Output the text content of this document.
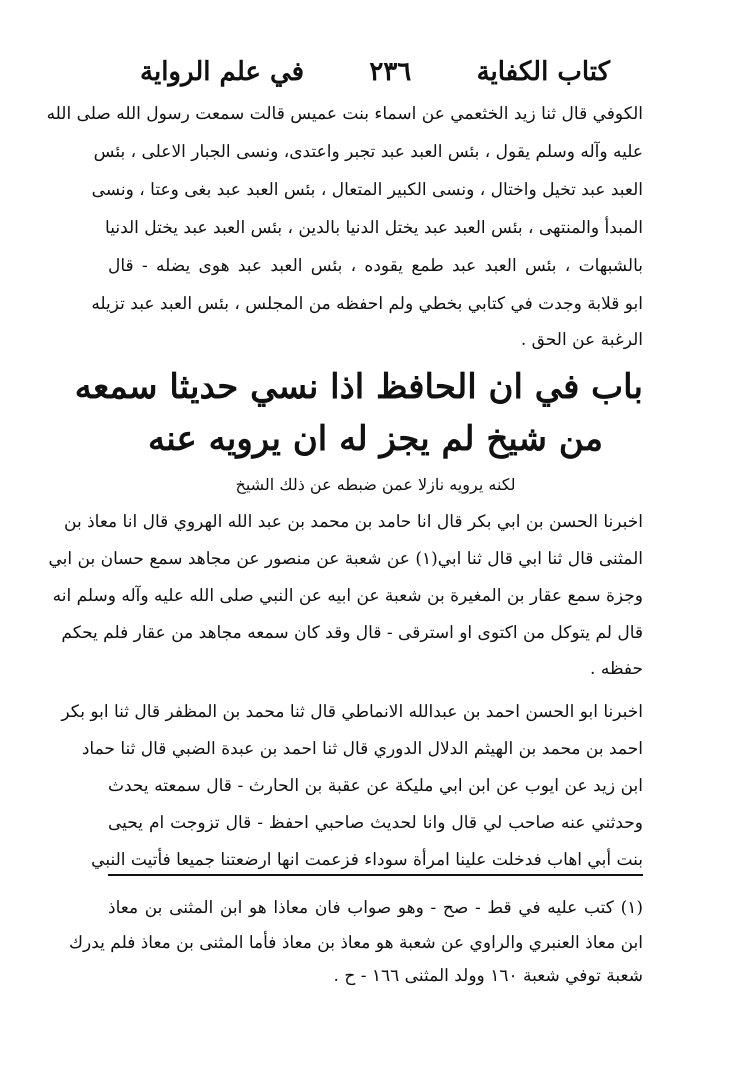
كتاب الكفاية
٢٣٦
في علم الرواية
الكوفي قال ثنا زيد الخثعمي عن اسماء بنت عميس قالت سمعت رسول الله صلى الله
عليه وآله وسلم يقول ، بئس العبد عبد تجبر واعتدى، ونسى الجبار الاعلى ، بئس
العبد عبد تخيل واختال ، ونسى الكبير المتعال ، بئس العبد عبد بغى وعتا ، ونسى
المبدأ والمنتهى ، بئس العبد عبد يختل الدنيا بالدين ، بئس العبد عبد يختل الدنيا
بالشبهات ، بئس العبد عبد طمع يقوده ، بئس العبد عبد هوى يضله - قال
ابو قلابة وجدت في كتابي بخطي ولم احفظه من المجلس ، بئس العبد عبد تزيله
الرغبة عن الحق .
باب في ان الحافظ اذا نسي حديثا سمعه
من شيخ لم يجز له ان يرويه عنه
لكنه يرويه نازلا عمن ضبطه عن ذلك الشيخ
اخبرنا الحسن بن ابي بكر قال انا حامد بن محمد بن عبد الله الهروي قال انا معاذ بن
المثنى قال ثنا ابي قال ثنا ابي(١) عن شعبة عن منصور عن مجاهد سمع حسان بن ابي
وجزة سمع عقار بن المغيرة بن شعبة عن ابيه عن النبي صلى الله عليه وآله وسلم انه
قال لم يتوكل من اكتوى او استرقى - قال وقد كان سمعه مجاهد من عقار فلم يحكم
حفظه .
اخبرنا ابو الحسن احمد بن عبدالله الانماطي قال ثنا محمد بن المظفر قال ثنا ابو بكر
احمد بن محمد بن الهيثم الدلال الدوري قال ثنا احمد بن عبدة الضبي قال ثنا حماد
ابن زيد عن ايوب عن ابن ابي مليكة عن عقبة بن الحارث - قال سمعته يحدث
وحدثني عنه صاحب لي قال وانا لحديث صاحبي احفظ - قال تزوجت ام يحيى
بنت أبي اهاب فدخلت علينا امرأة سوداء فزعمت انها ارضعتنا جميعا فأتيت النبي
(١) كتب عليه في قط - صح - وهو صواب فان معاذا هو ابن المثنى بن معاذ
ابن معاذ العنبري والراوي عن شعبة هو معاذ بن معاذ فأما المثنى بن معاذ فلم يدرك
شعبة توفي شعبة ١٦٠ وولد المثنى ١٦٦ - ح .
